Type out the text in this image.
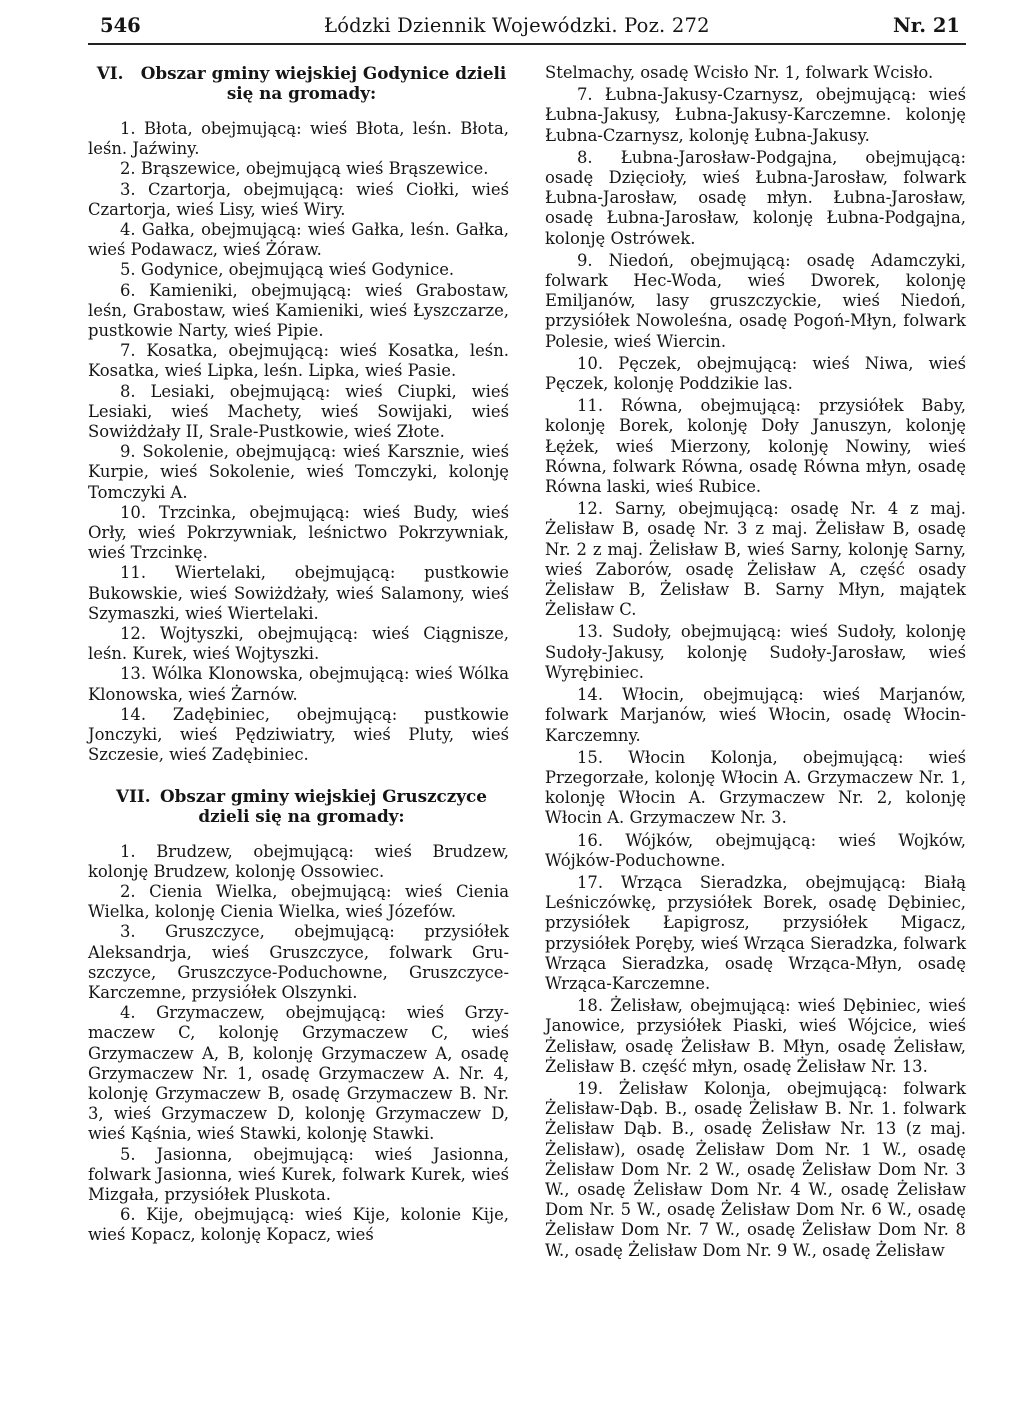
546	Łódzki Dziennik Wojewódzki. Poz. 272	Nr. 21
VI. Obszar gminy wiejskiej Godynice dzieli
się na gromady:

1. Błota, obejmującą: wieś Błota, leśn. Błota, leśn. Jaźwiny.

2. Brąszewice, obejmującą wieś Brąszewice.

3. Czartorja, obejmującą: wieś Ciołki, wieś Czartorja, wieś Lisy, wieś Wiry.

4. Gałka, obejmującą: wieś Gałka, leśn. Gałka, wieś Podawacz, wieś Żóraw.

5. Godynice, obejmującą wieś Godynice.

6. Kamieniki, obejmującą: wieś Grabostaw, leśn, Grabostaw, wieś Kamieniki, wieś Łyszczarze, pustkowie Narty, wieś Pipie.

7. Kosatka, obejmującą: wieś Kosatka, leśn. Kosatka, wieś Lipka, leśn. Lipka, wieś Pasie.

8. Lesiaki, obejmującą: wieś Ciupki, wieś Lesiaki, wieś Machety, wieś Sowijaki, wieś Sowiżdżały II, Srale-Pustkowie, wieś Złote.

9. Sokolenie, obejmującą: wieś Karsznie, wieś Kurpie, wieś Sokolenie, wieś Tomczyki, kolonję Tomczyki A.

10. Trzcinka, obejmującą: wieś Budy, wieś Orły, wieś Pokrzywniak, leśnictwo Pokrzywniak, wieś Trzcinkę.

11. Wiertelaki, obejmującą: pustkowie Bukowskie, wieś Sowiżdżały, wieś Salamony, wieś Szymaszki, wieś Wiertelaki.

12. Wojtyszki, obejmującą: wieś Ciągnisze, leśn. Kurek, wieś Wojtyszki.

13. Wólka Klonowska, obejmującą: wieś Wólka Klonowska, wieś Żarnów.

14. Zadębiniec, obejmującą: pustkowie Jonczyki, wieś Pędziwiatry, wieś Pluty, wieś Szczesie, wieś Zadębiniec.

VII. Obszar gminy wiejskiej Gruszczyce
dzieli się na gromady:

1. Brudzew, obejmującą: wieś Brudzew, kolonję Brudzew, kolonję Ossowiec.

2. Cienia Wielka, obejmującą: wieś Cienia Wielka, kolonję Cienia Wielka, wieś Józefów.

3. Gruszczyce, obejmującą: przysiółek Aleksandrja, wieś Gruszczyce, folwark Gruszczyce, Gruszczyce-Poduchowne, Gruszczyce-Karczemne, przysiółek Olszynki.

4. Grzymaczew, obejmującą: wieś Grzymaczew C, kolonję Grzymaczew C, wieś Grzymaczew A, B, kolonję Grzymaczew A, osadę Grzymaczew Nr. 1, osadę Grzymaczew A. Nr. 4, kolonję Grzymaczew B, osadę Grzymaczew B. Nr. 3, wieś Grzymaczew D, kolonję Grzymaczew D, wieś Kąśnia, wieś Stawki, kolonję Stawki.

5. Jasionna, obejmującą: wieś Jasionna, folwark Jasionna, wieś Kurek, folwark Kurek, wieś Mizgała, przysiółek Pluskota.

6. Kije, obejmującą: wieś Kije, kolonie Kije, wieś Kopacz, kolonję Kopacz, wieś

Stelmachy, osadę Wcisło Nr. 1, folwark Wcisło.

7. Łubna-Jakusy-Czarnysz, obejmującą: wieś Łubna-Jakusy, Łubna-Jakusy-Karczemne. kolonję Łubna-Czarnysz, kolonję Łubna-Jakusy.

8. Łubna-Jarosław-Podgajna, obejmującą: osadę Dzięcioły, wieś Łubna-Jarosław, folwark Łubna-Jarosław, osadę młyn. Łubna-Jarosław, osadę Łubna-Jarosław, kolonję Łubna-Podgajna, kolonję Ostrówek.

9. Niedoń, obejmującą: osadę Adamczyki, folwark Hec-Woda, wieś Dworek, kolonję Emiljanów, lasy gruszczyckie, wieś Niedoń, przysiółek Nowoleśna, osadę Pogoń-Młyn, folwark Polesie, wieś Wiercin.

10. Pęczek, obejmującą: wieś Niwa, wieś Pęczek, kolonję Poddzikie las.

11. Równa, obejmującą: przysiółek Baby, kolonję Borek, kolonję Doły Januszyn, kolonję Łężek, wieś Mierzony, kolonję Nowiny, wieś Równa, folwark Równa, osadę Równa młyn, osadę Równa laski, wieś Rubice.

12. Sarny, obejmującą: osadę Nr. 4 z maj. Żelisław B, osadę Nr. 3 z maj. Żelisław B, osadę Nr. 2 z maj. Żelisław B, wieś Sarny, kolonję Sarny, wieś Zaborów, osadę Żelisław A, część osady Żelisław B, Żelisław B. Sarny Młyn, majątek Żelisław C.

13. Sudoły, obejmującą: wieś Sudoły, kolonję Sudoły-Jakusy, kolonję Sudoły-Jarosław, wieś Wyrębiniec.

14. Włocin, obejmującą: wieś Marjanów, folwark Marjanów, wieś Włocin, osadę Włocin-Karczemny.

15. Włocin Kolonja, obejmującą: wieś Przegorzałe, kolonję Włocin A. Grzymaczew Nr. 1, kolonję Włocin A. Grzymaczew Nr. 2, kolonję Włocin A. Grzymaczew Nr. 3.

16. Wójków, obejmującą: wieś Wojków, Wójków-Poduchowne.

17. Wrząca Sieradzka, obejmującą: Białą Leśniczówkę, przysiółek Borek, osadę Dębiniec, przysiółek Łapigrosz, przysiółek Migacz, przysiółek Poręby, wieś Wrząca Sieradzka, folwark Wrząca Sieradzka, osadę Wrząca-Młyn, osadę Wrząca-Karczemne.

18. Żelisław, obejmującą: wieś Dębiniec, wieś Janowice, przysiółek Piaski, wieś Wójcice, wieś Żelisław, osadę Żelisław B. Młyn, osadę Żelisław, Żelisław B. część młyn, osadę Żelisław Nr. 13.

19. Żelisław Kolonja, obejmującą: folwark Żelisław-Dąb. B., osadę Żelisław B. Nr. 1. folwark Żelisław Dąb. B., osadę Żelisław Nr. 13 (z maj. Żelisław), osadę Żelisław Dom Nr. 1 W., osadę Żelisław Dom Nr. 2 W., osadę Żelisław Dom Nr. 3 W., osadę Żelisław Dom Nr. 4 W., osadę Żelisław Dom Nr. 5 W., osadę Żelisław Dom Nr. 6 W., osadę Żelisław Dom Nr. 7 W., osadę Żelisław Dom Nr. 8 W., osadę Żelisław Dom Nr. 9 W., osadę Żelisław
